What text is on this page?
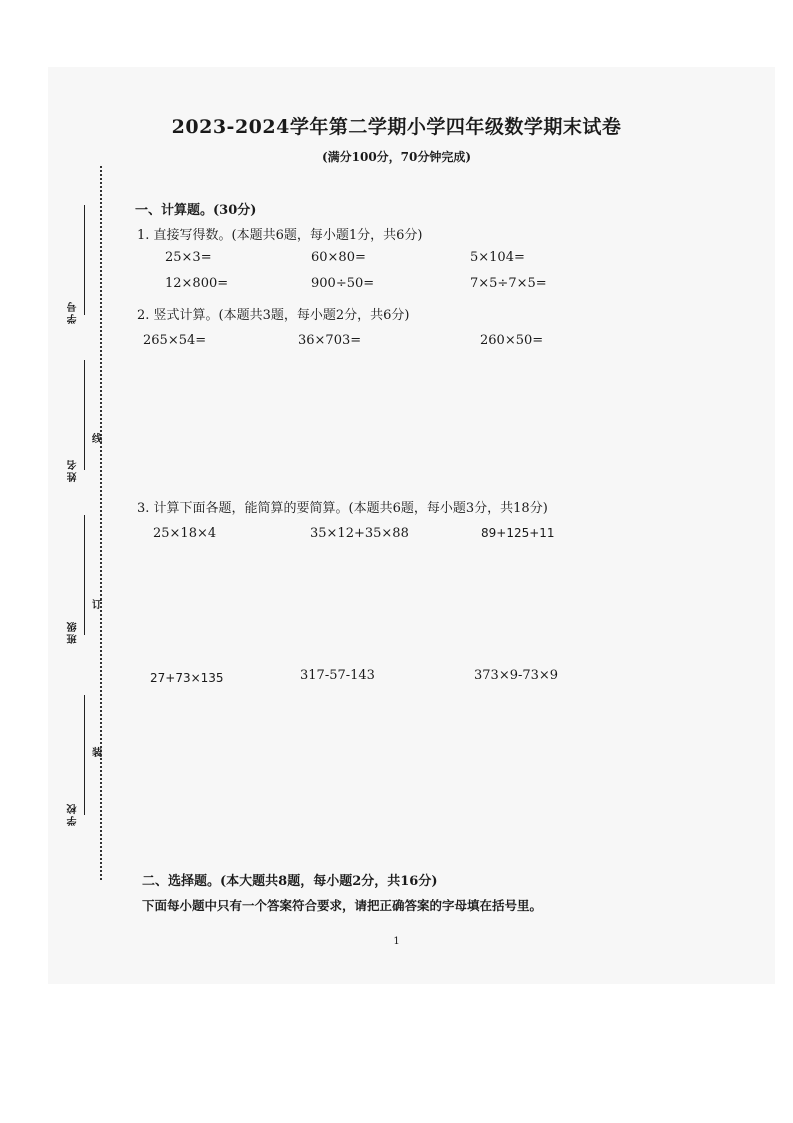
2023-2024学年第二学期小学四年级数学期末试卷
(满分100分，70分钟完成)
学号
姓名
班级
学校
线
订
装
一、计算题。(30分)
1. 直接写得数。(本题共6题，每小题1分，共6分)
25×3=	60×80=	5×104=
12×800=	900÷50=	7×5÷7×5=
2. 竖式计算。(本题共3题，每小题2分，共6分)
265×54=	36×703=	260×50=
3. 计算下面各题，能简算的要简算。(本题共6题，每小题3分，共18分)
25×18×4	35×12+35×88	89+125+11
27+73×135	317-57-143	373×9-73×9
二、选择题。(本大题共8题，每小题2分，共16分)
下面每小题中只有一个答案符合要求，请把正确答案的字母填在括号里。
1
